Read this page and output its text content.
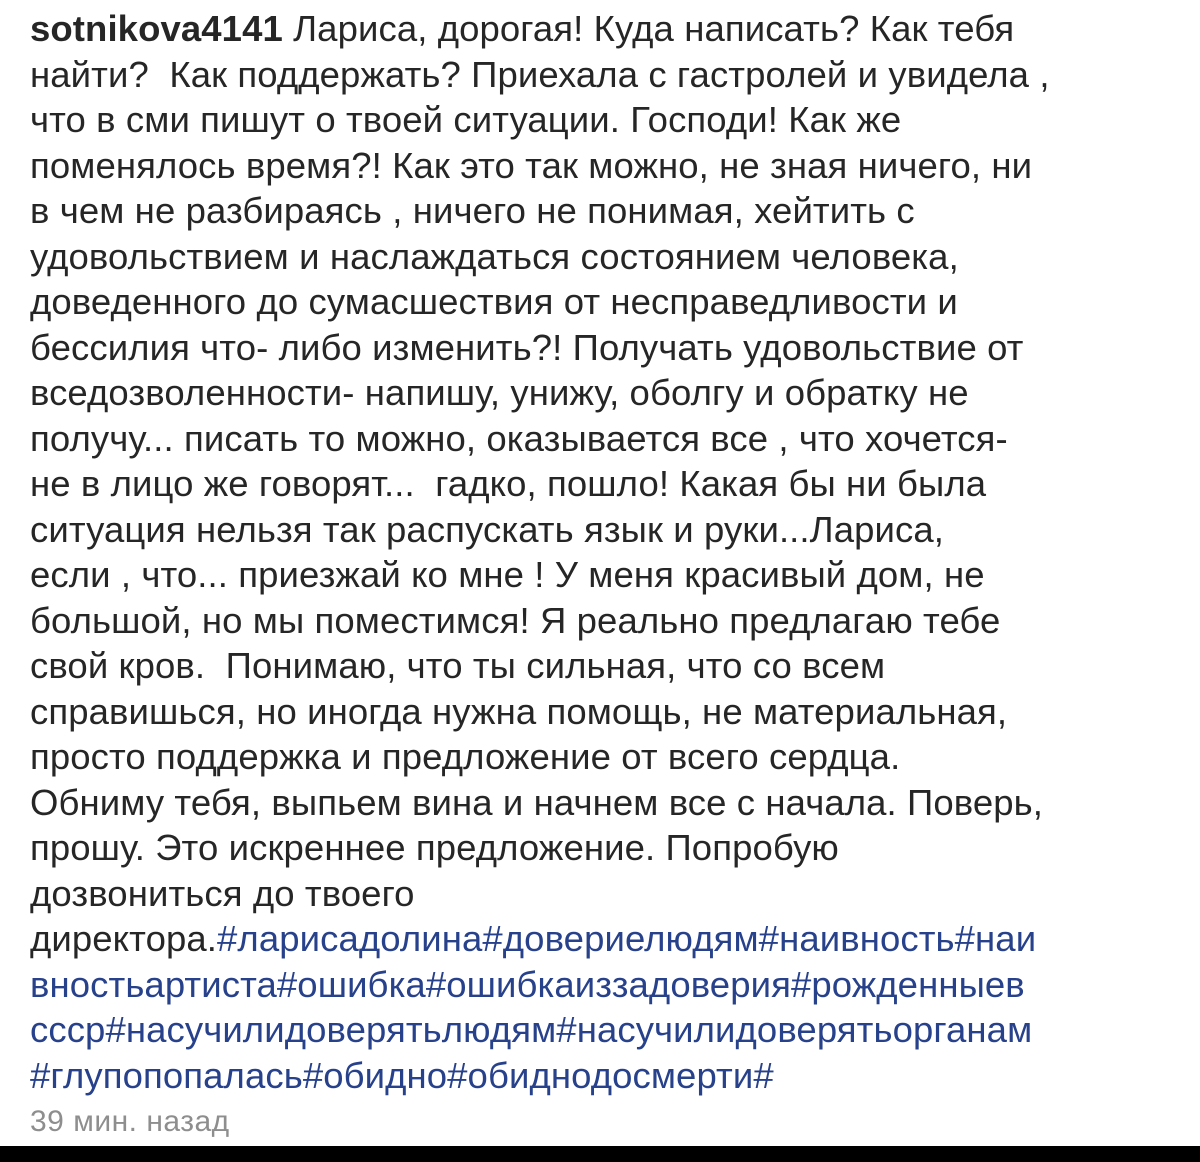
sotnikova4141 Лариса, дорогая! Куда написать? Как тебя
найти?  Как поддержать? Приехала с гастролей и увидела ,
что в сми пишут о твоей ситуации. Господи! Как же
поменялось время?! Как это так можно, не зная ничего, ни
в чем не разбираясь , ничего не понимая, хейтить с
удовольствием и наслаждаться состоянием человека,
доведенного до сумасшествия от несправедливости и
бессилия что- либо изменить?! Получать удовольствие от
вседозволенности- напишу, унижу, оболгу и обратку не
получу... писать то можно, оказывается все , что хочется-
не в лицо же говорят...  гадко, пошло! Какая бы ни была
ситуация нельзя так распускать язык и руки...Лариса,
если , что... приезжай ко мне ! У меня красивый дом, не
большой, но мы поместимся! Я реально предлагаю тебе
свой кров.  Понимаю, что ты сильная, что со всем
справишься, но иногда нужна помощь, не материальная,
просто поддержка и предложение от всего сердца.
Обниму тебя, выпьем вина и начнем все с начала. Поверь,
прошу. Это искреннее предложение. Попробую
дозвониться до твоего
директора.#ларисадолина#довериелюдям#наивность#наи
вностьартиста#ошибка#ошибкаиззадоверия#рожденныев
ссср#насучилидоверятьлюдям#насучилидоверятьорганам
#глупопопалась#обидно#обиднодосмерти#
39 мин. назад
